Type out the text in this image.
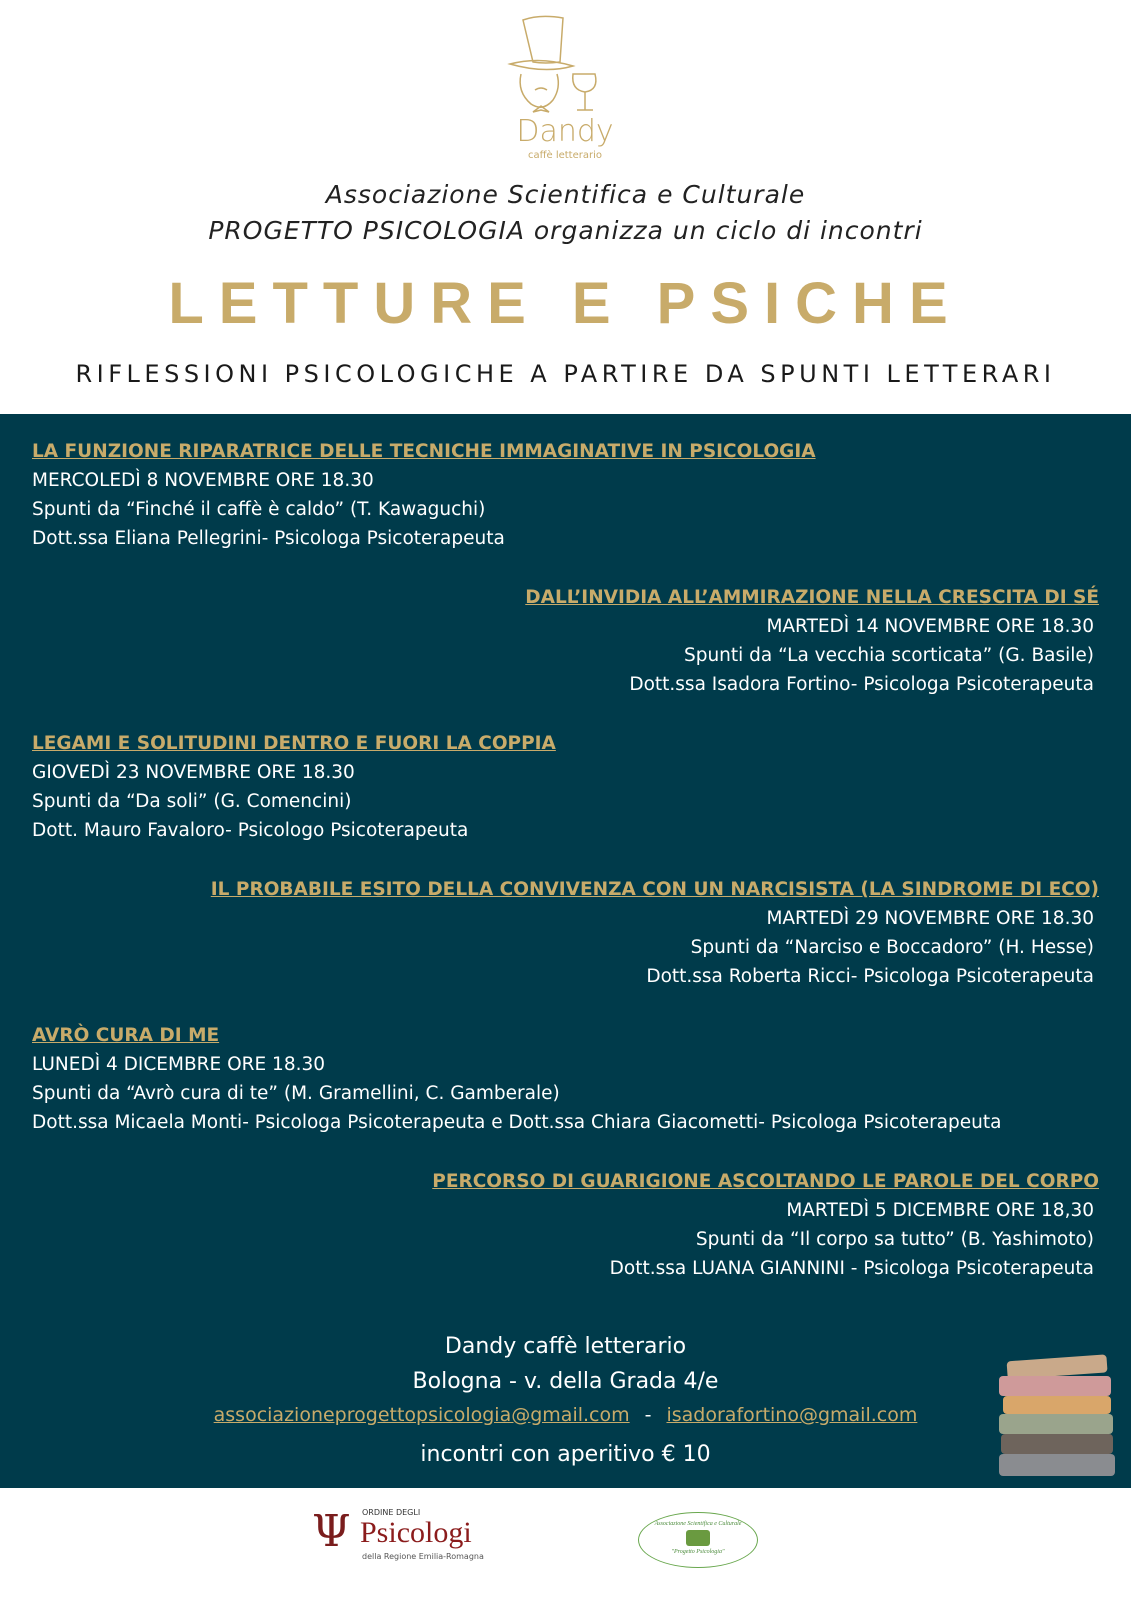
Dandy
caffè letterario
Associazione Scientifica e Culturale
PROGETTO PSICOLOGIA organizza un ciclo di incontri
LETTURE E PSICHE
RIFLESSIONI PSICOLOGICHE A PARTIRE DA SPUNTI LETTERARI
LA FUNZIONE RIPARATRICE DELLE TECNICHE IMMAGINATIVE IN PSICOLOGIA
MERCOLEDÌ 8 NOVEMBRE ORE 18.30
Spunti da “Finché il caffè è caldo” (T. Kawaguchi)
Dott.ssa Eliana Pellegrini- Psicologa Psicoterapeuta
DALL’INVIDIA ALL’AMMIRAZIONE NELLA CRESCITA DI SÉ
MARTEDÌ 14 NOVEMBRE ORE 18.30
Spunti da “La vecchia scorticata” (G. Basile)
Dott.ssa Isadora Fortino- Psicologa Psicoterapeuta
LEGAMI E SOLITUDINI DENTRO E FUORI LA COPPIA
GIOVEDÌ 23 NOVEMBRE ORE 18.30
Spunti da “Da soli” (G. Comencini)
Dott. Mauro Favaloro- Psicologo Psicoterapeuta
IL PROBABILE ESITO DELLA CONVIVENZA CON UN NARCISISTA (LA SINDROME DI ECO)
MARTEDÌ 29 NOVEMBRE ORE 18.30
Spunti da “Narciso e Boccadoro” (H. Hesse)
Dott.ssa Roberta Ricci- Psicologa Psicoterapeuta
AVRÒ CURA DI ME
LUNEDÌ 4 DICEMBRE ORE 18.30
Spunti da “Avrò cura di te” (M. Gramellini, C. Gamberale)
Dott.ssa Micaela Monti- Psicologa Psicoterapeuta e Dott.ssa Chiara Giacometti- Psicologa Psicoterapeuta
PERCORSO DI GUARIGIONE ASCOLTANDO LE PAROLE DEL CORPO
MARTEDÌ 5 DICEMBRE ORE 18,30
Spunti da “Il corpo sa tutto” (B. Yashimoto)
Dott.ssa LUANA GIANNINI - Psicologa Psicoterapeuta
Dandy caffè letterario
Bologna - v. della Grada 4/e
associazioneprogettopsicologia@gmail.com - isadorafortino@gmail.com
incontri con aperitivo € 10
Ψ ORDINE DEGLI
Psicologi
della Regione Emilia-Romagna
Associazione Scientifica e Culturale
"Progetto Psicologia"
